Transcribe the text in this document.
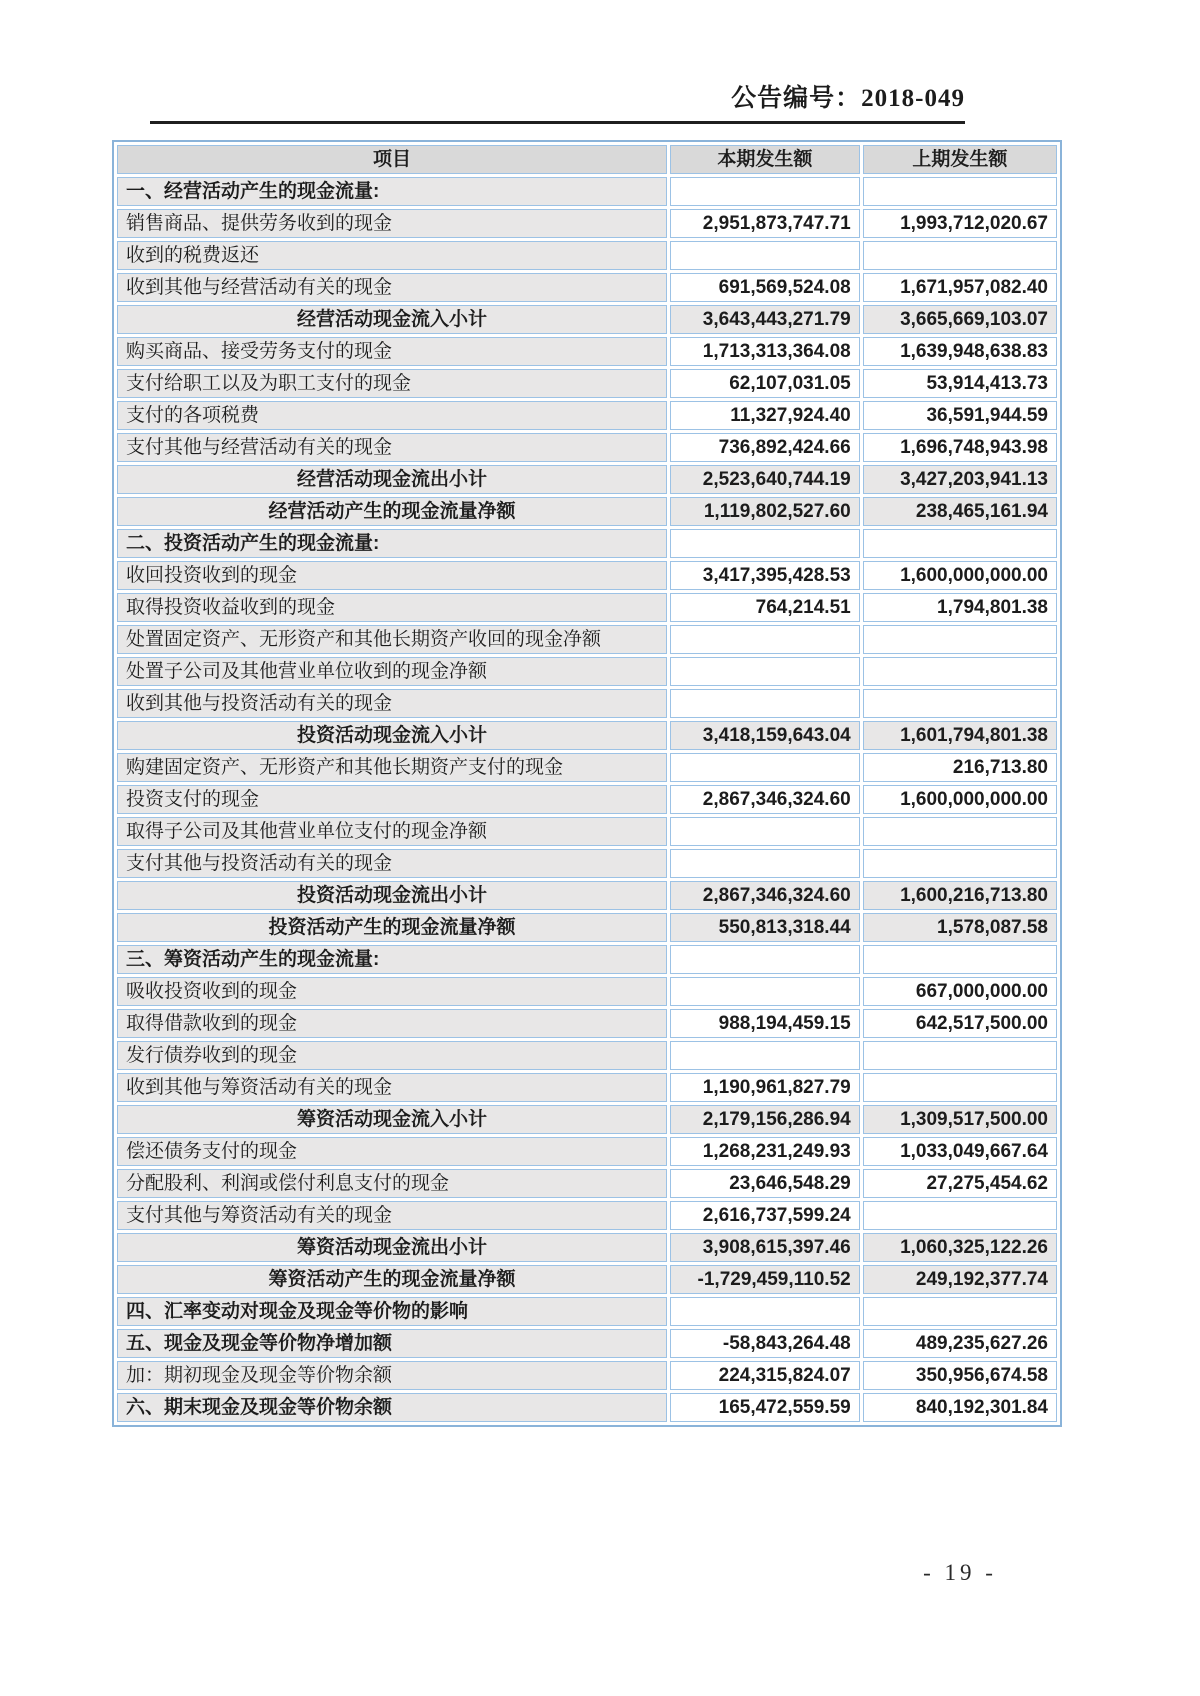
公告编号：2018-049
项目	本期发生额	上期发生额
一、经营活动产生的现金流量:		
销售商品、提供劳务收到的现金	2,951,873,747.71	1,993,712,020.67
收到的税费返还		
收到其他与经营活动有关的现金	691,569,524.08	1,671,957,082.40
经营活动现金流入小计	3,643,443,271.79	3,665,669,103.07
购买商品、接受劳务支付的现金	1,713,313,364.08	1,639,948,638.83
支付给职工以及为职工支付的现金	62,107,031.05	53,914,413.73
支付的各项税费	11,327,924.40	36,591,944.59
支付其他与经营活动有关的现金	736,892,424.66	1,696,748,943.98
经营活动现金流出小计	2,523,640,744.19	3,427,203,941.13
经营活动产生的现金流量净额	1,119,802,527.60	238,465,161.94
二、投资活动产生的现金流量:		
收回投资收到的现金	3,417,395,428.53	1,600,000,000.00
取得投资收益收到的现金	764,214.51	1,794,801.38
处置固定资产、无形资产和其他长期资产收回的现金净额		
处置子公司及其他营业单位收到的现金净额		
收到其他与投资活动有关的现金		
投资活动现金流入小计	3,418,159,643.04	1,601,794,801.38
购建固定资产、无形资产和其他长期资产支付的现金		216,713.80
投资支付的现金	2,867,346,324.60	1,600,000,000.00
取得子公司及其他营业单位支付的现金净额		
支付其他与投资活动有关的现金		
投资活动现金流出小计	2,867,346,324.60	1,600,216,713.80
投资活动产生的现金流量净额	550,813,318.44	1,578,087.58
三、筹资活动产生的现金流量:		
吸收投资收到的现金		667,000,000.00
取得借款收到的现金	988,194,459.15	642,517,500.00
发行债券收到的现金		
收到其他与筹资活动有关的现金	1,190,961,827.79	
筹资活动现金流入小计	2,179,156,286.94	1,309,517,500.00
偿还债务支付的现金	1,268,231,249.93	1,033,049,667.64
分配股利、利润或偿付利息支付的现金	23,646,548.29	27,275,454.62
支付其他与筹资活动有关的现金	2,616,737,599.24	
筹资活动现金流出小计	3,908,615,397.46	1,060,325,122.26
筹资活动产生的现金流量净额	-1,729,459,110.52	249,192,377.74
四、汇率变动对现金及现金等价物的影响		
五、现金及现金等价物净增加额	-58,843,264.48	489,235,627.26
加：期初现金及现金等价物余额	224,315,824.07	350,956,674.58
六、期末现金及现金等价物余额	165,472,559.59	840,192,301.84
- 19 -
